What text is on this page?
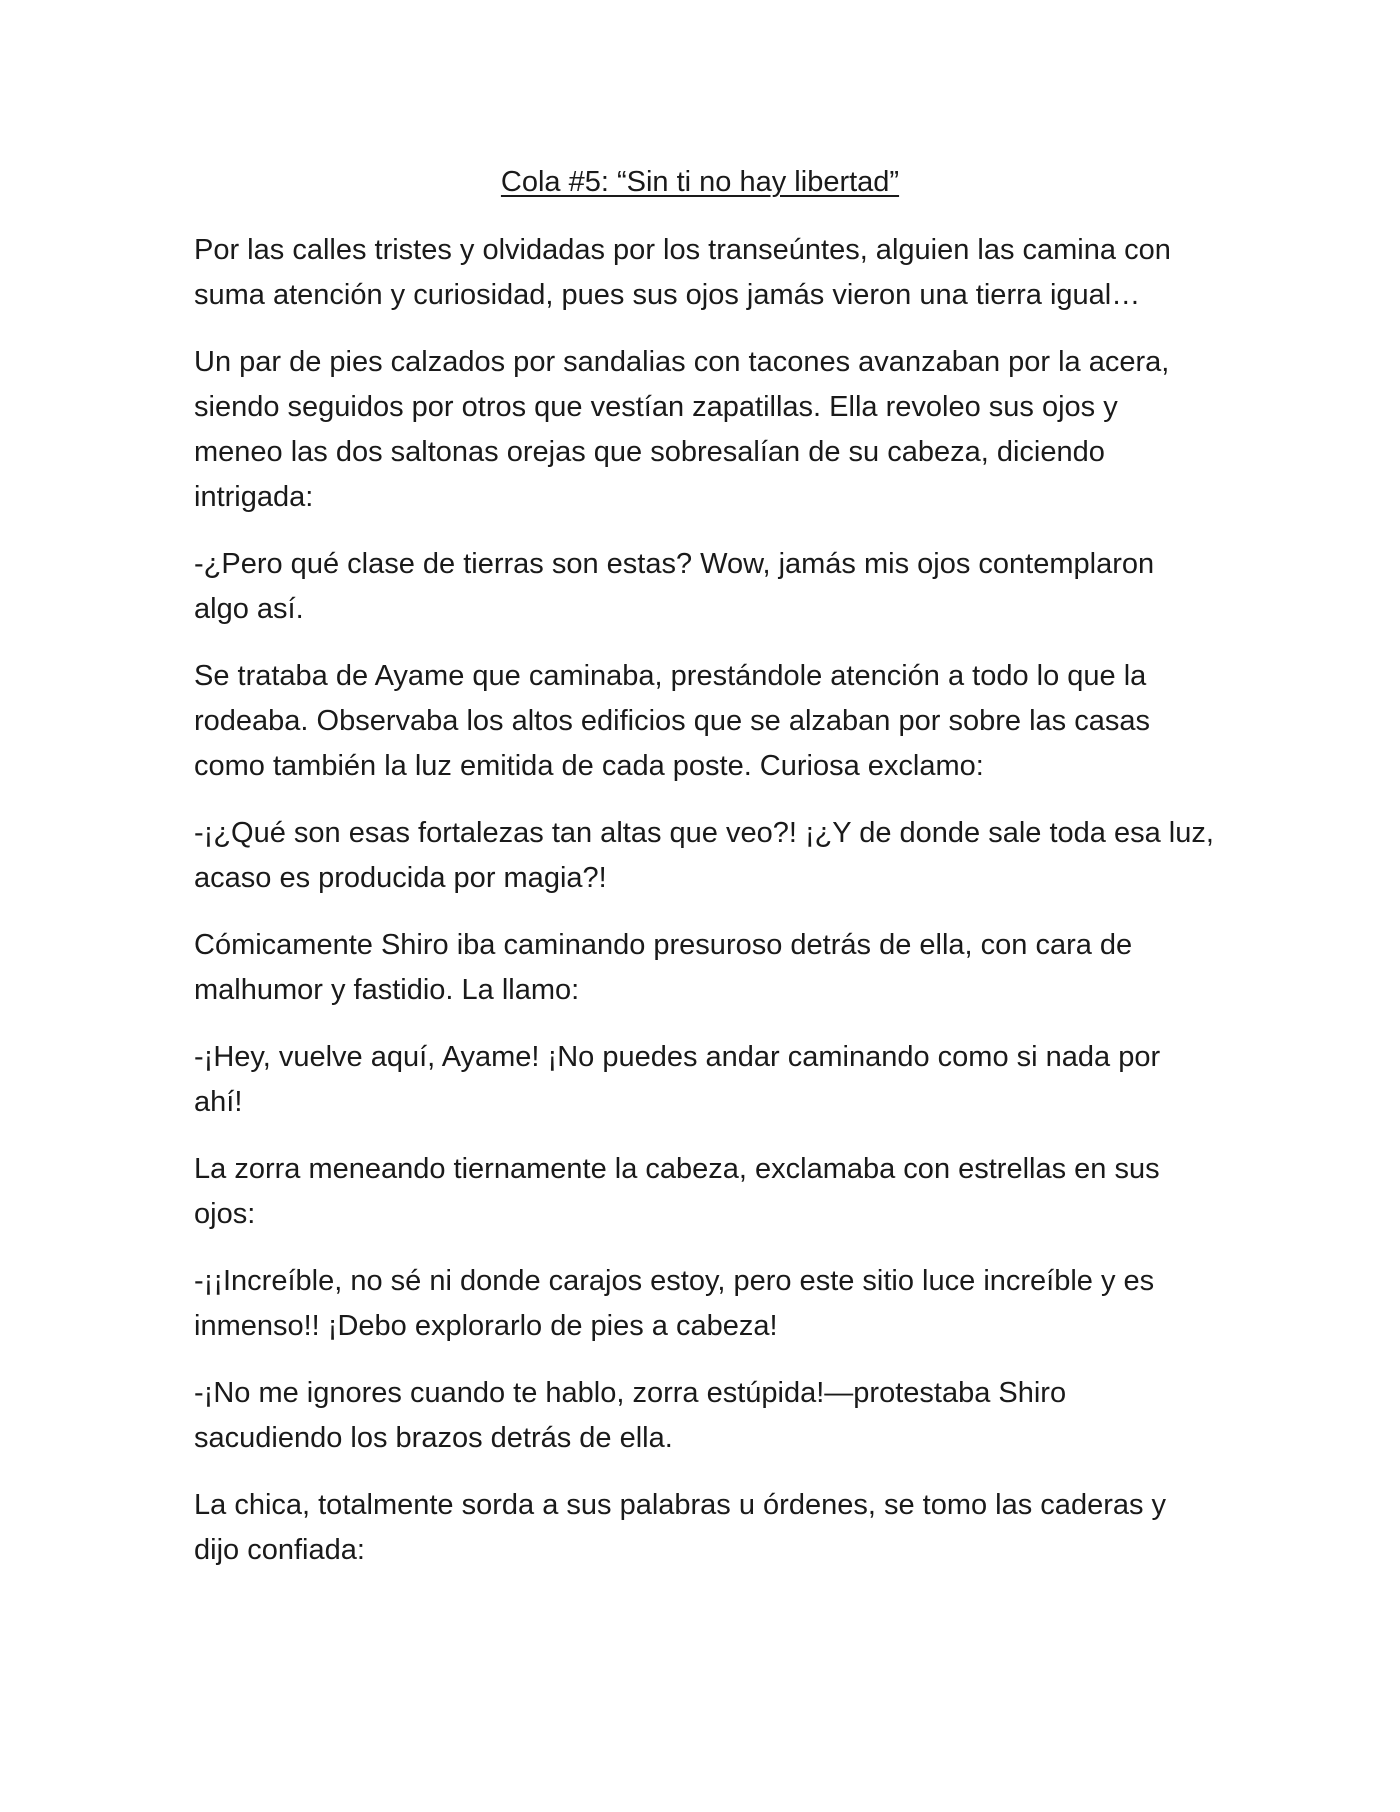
Cola #5: “Sin ti no hay libertad”

Por las calles tristes y olvidadas por los transeúntes, alguien las camina con suma atención y curiosidad, pues sus ojos jamás vieron una tierra igual…

Un par de pies calzados por sandalias con tacones avanzaban por la acera, siendo seguidos por otros que vestían zapatillas. Ella revoleo sus ojos y meneo las dos saltonas orejas que sobresalían de su cabeza, diciendo intrigada:

-¿Pero qué clase de tierras son estas? Wow, jamás mis ojos contemplaron algo así.

Se trataba de Ayame que caminaba, prestándole atención a todo lo que la rodeaba. Observaba los altos edificios que se alzaban por sobre las casas como también la luz emitida de cada poste. Curiosa exclamo:

-¡¿Qué son esas fortalezas tan altas que veo?! ¡¿Y de donde sale toda esa luz, acaso es producida por magia?!

Cómicamente Shiro iba caminando presuroso detrás de ella, con cara de malhumor y fastidio. La llamo:

-¡Hey, vuelve aquí, Ayame! ¡No puedes andar caminando como si nada por ahí!

La zorra meneando tiernamente la cabeza, exclamaba con estrellas en sus ojos:

-¡¡Increíble, no sé ni donde carajos estoy, pero este sitio luce increíble y es inmenso!! ¡Debo explorarlo de pies a cabeza!

-¡No me ignores cuando te hablo, zorra estúpida!—protestaba Shiro sacudiendo los brazos detrás de ella.

La chica, totalmente sorda a sus palabras u órdenes, se tomo las caderas y dijo confiada:
